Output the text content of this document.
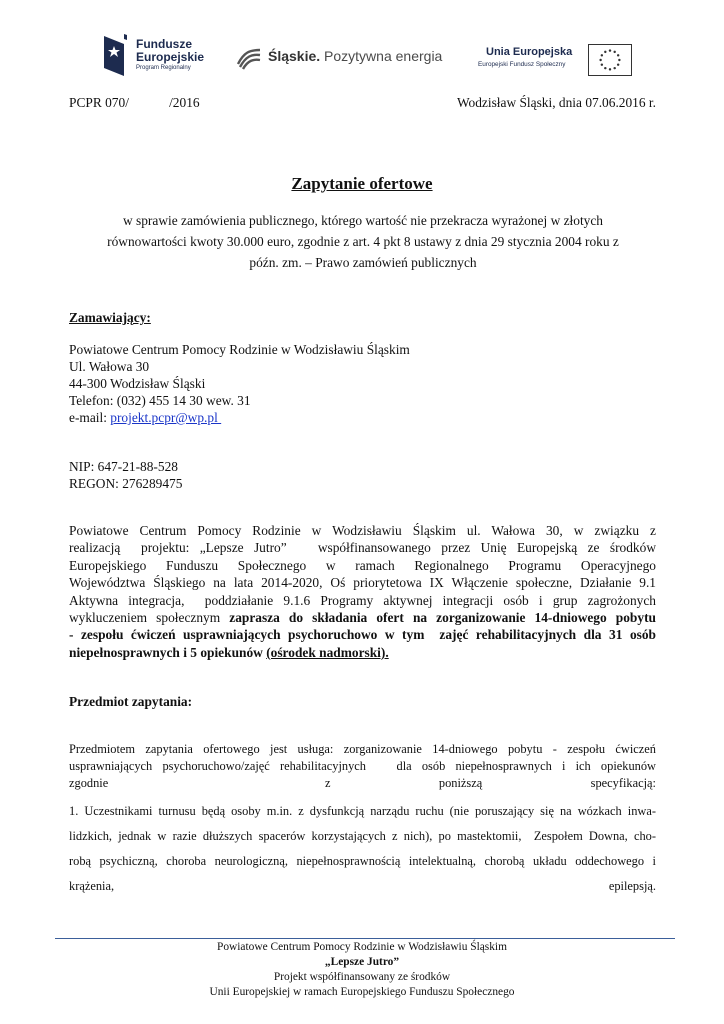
Fundusze
Europejskie
Program Regionalny
Śląskie. Pozytywna energia	Unia Europejska
Europejski Fundusz Społeczny
PCPR 070/            /2016	Wodzisław Śląski, dnia 07.06.2016 r.
Zapytanie ofertowe
w sprawie zamówienia publicznego, którego wartość nie przekracza wyrażonej w złotych
równowartości kwoty 30.000 euro, zgodnie z art. 4 pkt 8 ustawy z dnia 29 stycznia 2004 roku z
późn. zm. – Prawo zamówień publicznych
Zamawiający:
Powiatowe Centrum Pomocy Rodzinie w Wodzisławiu Śląskim
Ul. Wałowa 30
44-300 Wodzisław Śląski
Telefon: (032) 455 14 30 wew. 31
e-mail: projekt.pcpr@wp.pl
NIP: 647-21-88-528
REGON: 276289475
Powiatowe Centrum Pomocy Rodzinie w Wodzisławiu Śląskim ul. Wałowa 30, w związku z
realizacją  projektu: „Lepsze Jutro”   współfinansowanego przez Unię Europejską ze środków
Europejskiego Funduszu Społecznego w ramach Regionalnego Programu Operacyjnego
Województwa Śląskiego na lata 2014-2020, Oś priorytetowa IX Włączenie społeczne, Działanie 9.1
Aktywna integracja,  poddziałanie 9.1.6 Programy aktywnej integracji osób i grup zagrożonych
wykluczeniem społecznym zaprasza do składania ofert na zorganizowanie 14-dniowego pobytu
- zespołu ćwiczeń usprawniających psychoruchowo w tym  zajęć rehabilitacyjnych dla 31 osób
niepełnosprawnych i 5 opiekunów (ośrodek nadmorski).
Przedmiot zapytania:
Przedmiotem zapytania ofertowego jest usługa: zorganizowanie 14-dniowego pobytu - zespołu ćwiczeń
usprawniających psychoruchowo/zajęć rehabilitacyjnych   dla osób niepełnosprawnych i ich opiekunów
zgodnie  z poniższą specyfikacją:
1. Uczestnikami turnusu będą osoby m.in. z dysfunkcją narządu ruchu (nie poruszający się na wózkach inwa-
lidzkich, jednak w razie dłuższych spacerów korzystających z nich), po mastektomii,  Zespołem Downa, cho-
robą psychiczną, choroba neurologiczną, niepełnosprawnością intelektualną, chorobą układu oddechowego i
krążenia, epilepsją.
Powiatowe Centrum Pomocy Rodzinie w Wodzisławiu Śląskim
„Lepsze Jutro”
Projekt współfinansowany ze środków
Unii Europejskiej w ramach Europejskiego Funduszu Społecznego
